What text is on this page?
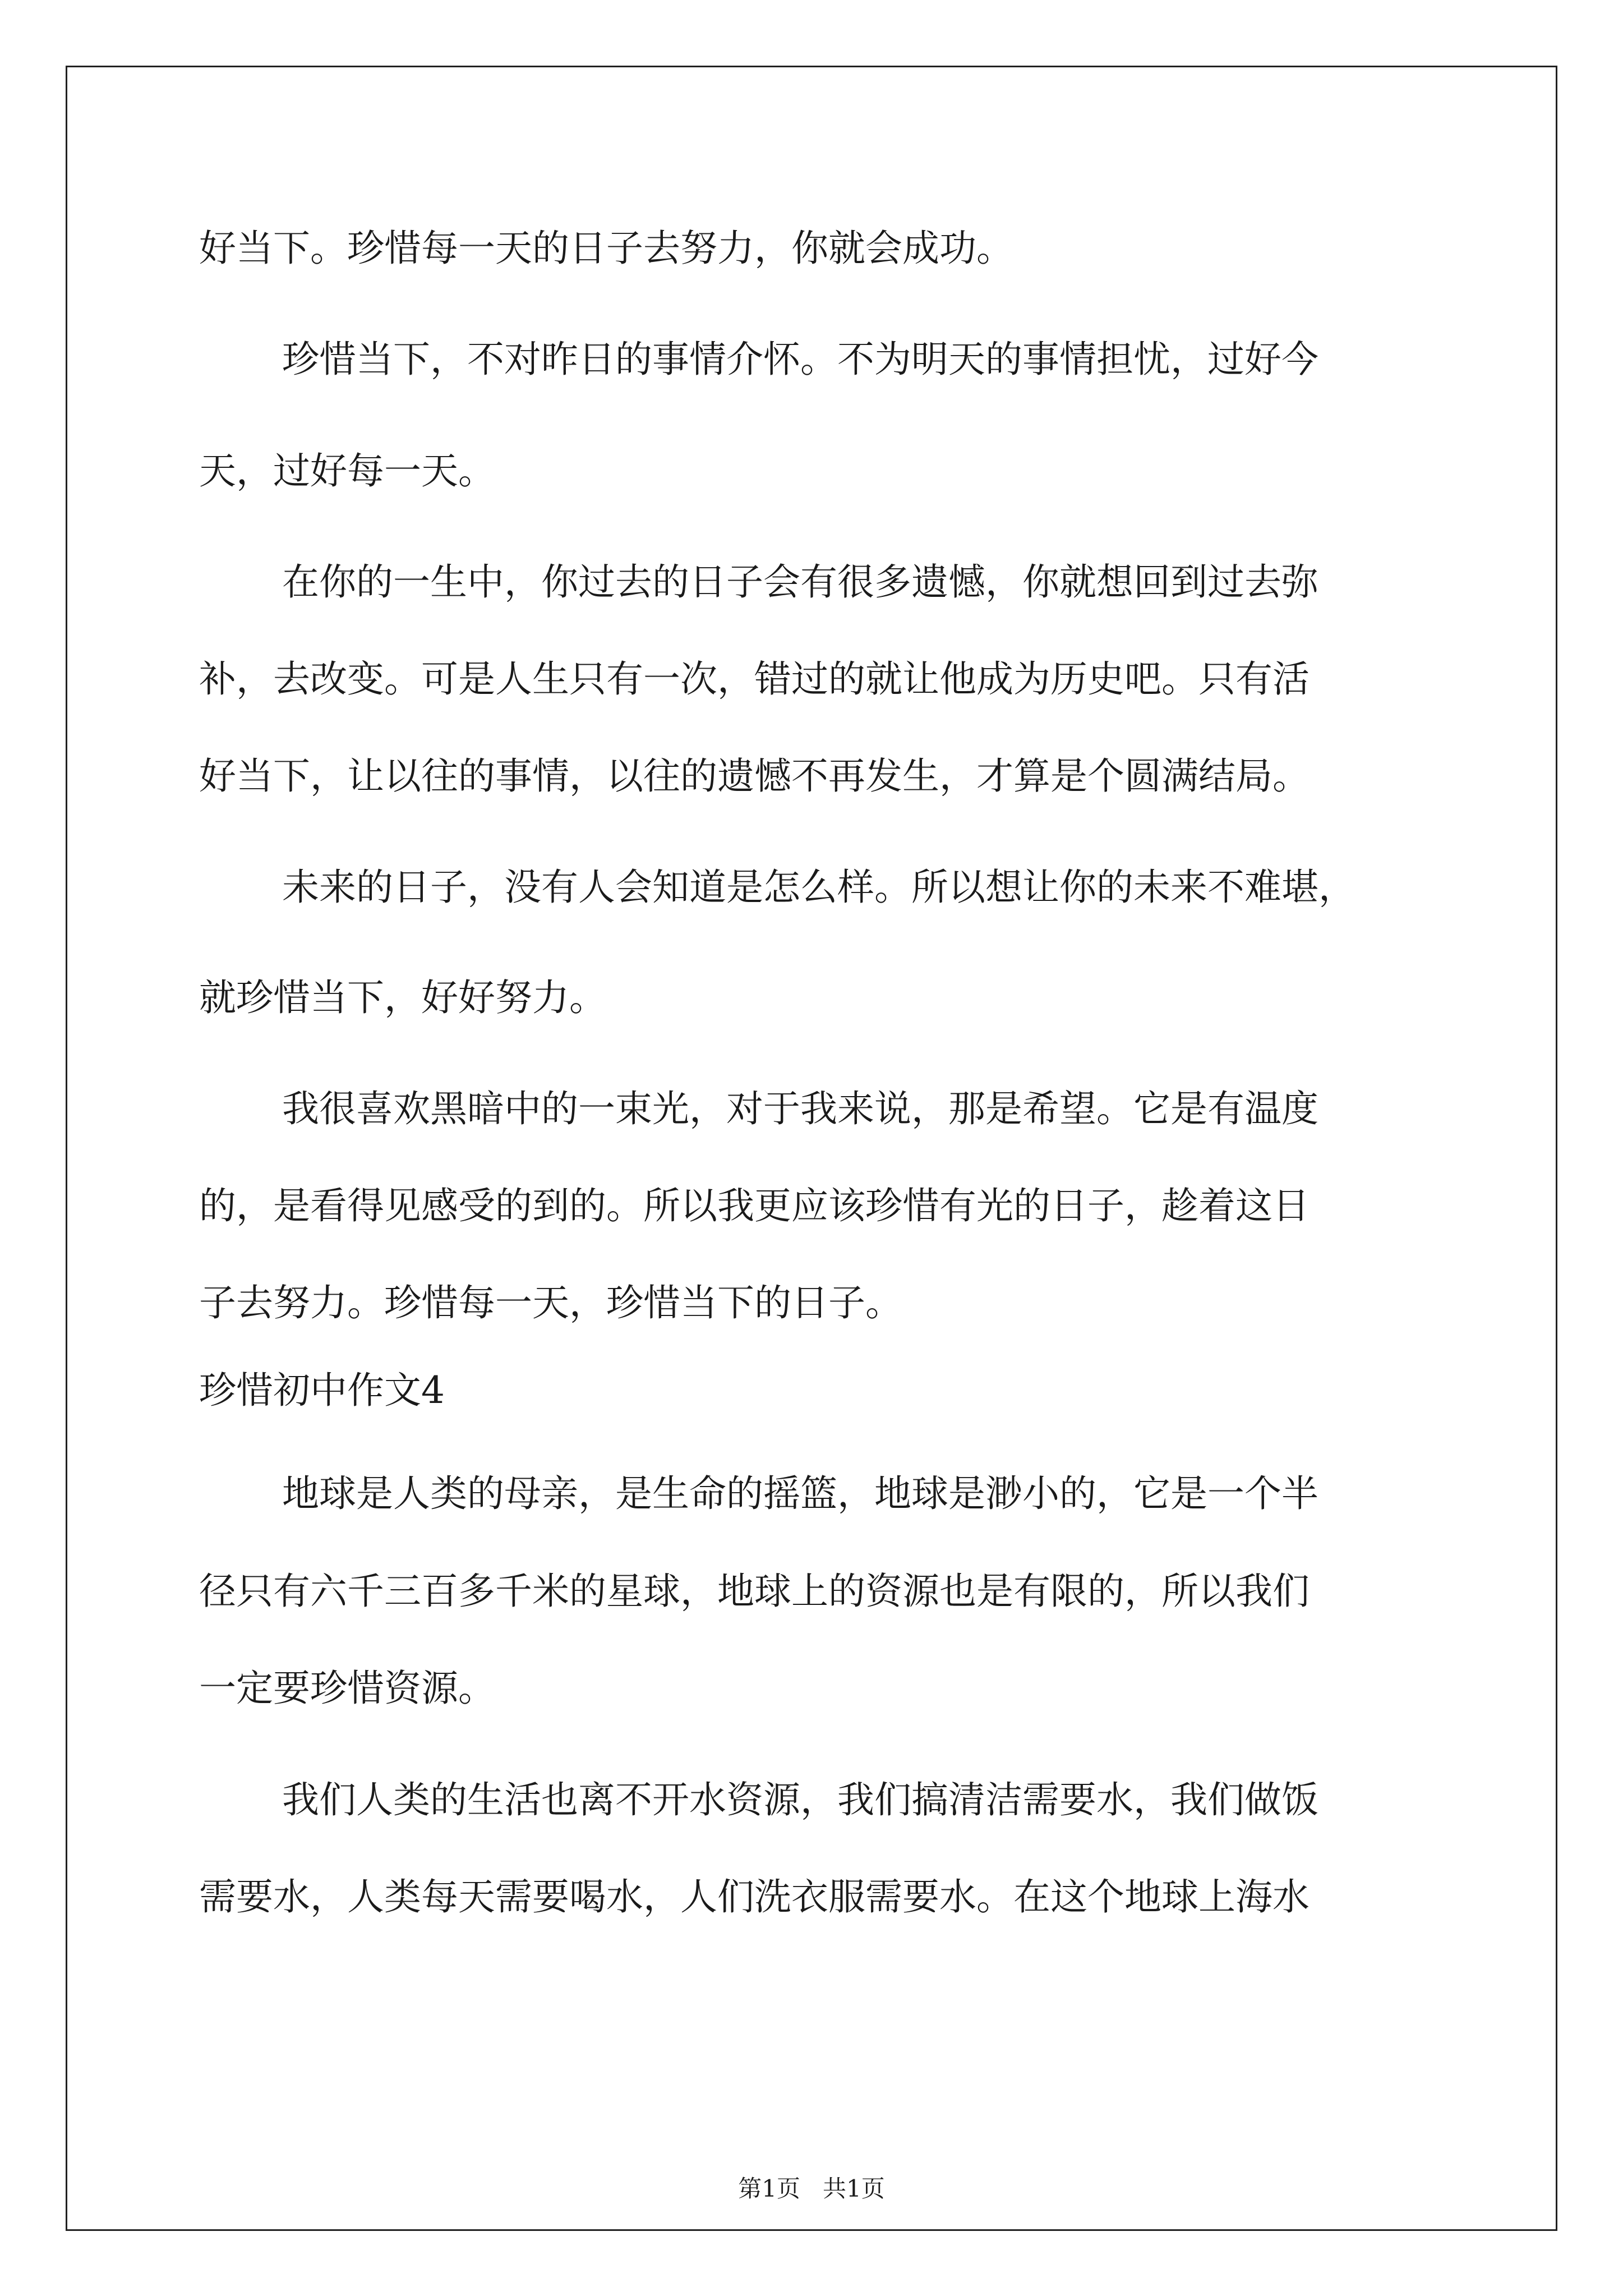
好当下。珍惜每一天的日子去努力，你就会成功。
珍惜当下，不对昨日的事情介怀。不为明天的事情担忧，过好今
天，过好每一天。
在你的一生中，你过去的日子会有很多遗憾，你就想回到过去弥
补，去改变。可是人生只有一次，错过的就让他成为历史吧。只有活
好当下，让以往的事情，以往的遗憾不再发生，才算是个圆满结局。
未来的日子，没有人会知道是怎么样。所以想让你的未来不难堪，
就珍惜当下，好好努力。
我很喜欢黑暗中的一束光，对于我来说，那是希望。它是有温度
的，是看得见感受的到的。所以我更应该珍惜有光的日子，趁着这日
子去努力。珍惜每一天，珍惜当下的日子。
珍惜初中作文4
地球是人类的母亲，是生命的摇篮，地球是渺小的，它是一个半
径只有六千三百多千米的星球，地球上的资源也是有限的，所以我们
一定要珍惜资源。
我们人类的生活也离不开水资源，我们搞清洁需要水，我们做饭
需要水，人类每天需要喝水，人们洗衣服需要水。在这个地球上海水
第1页   共1页
